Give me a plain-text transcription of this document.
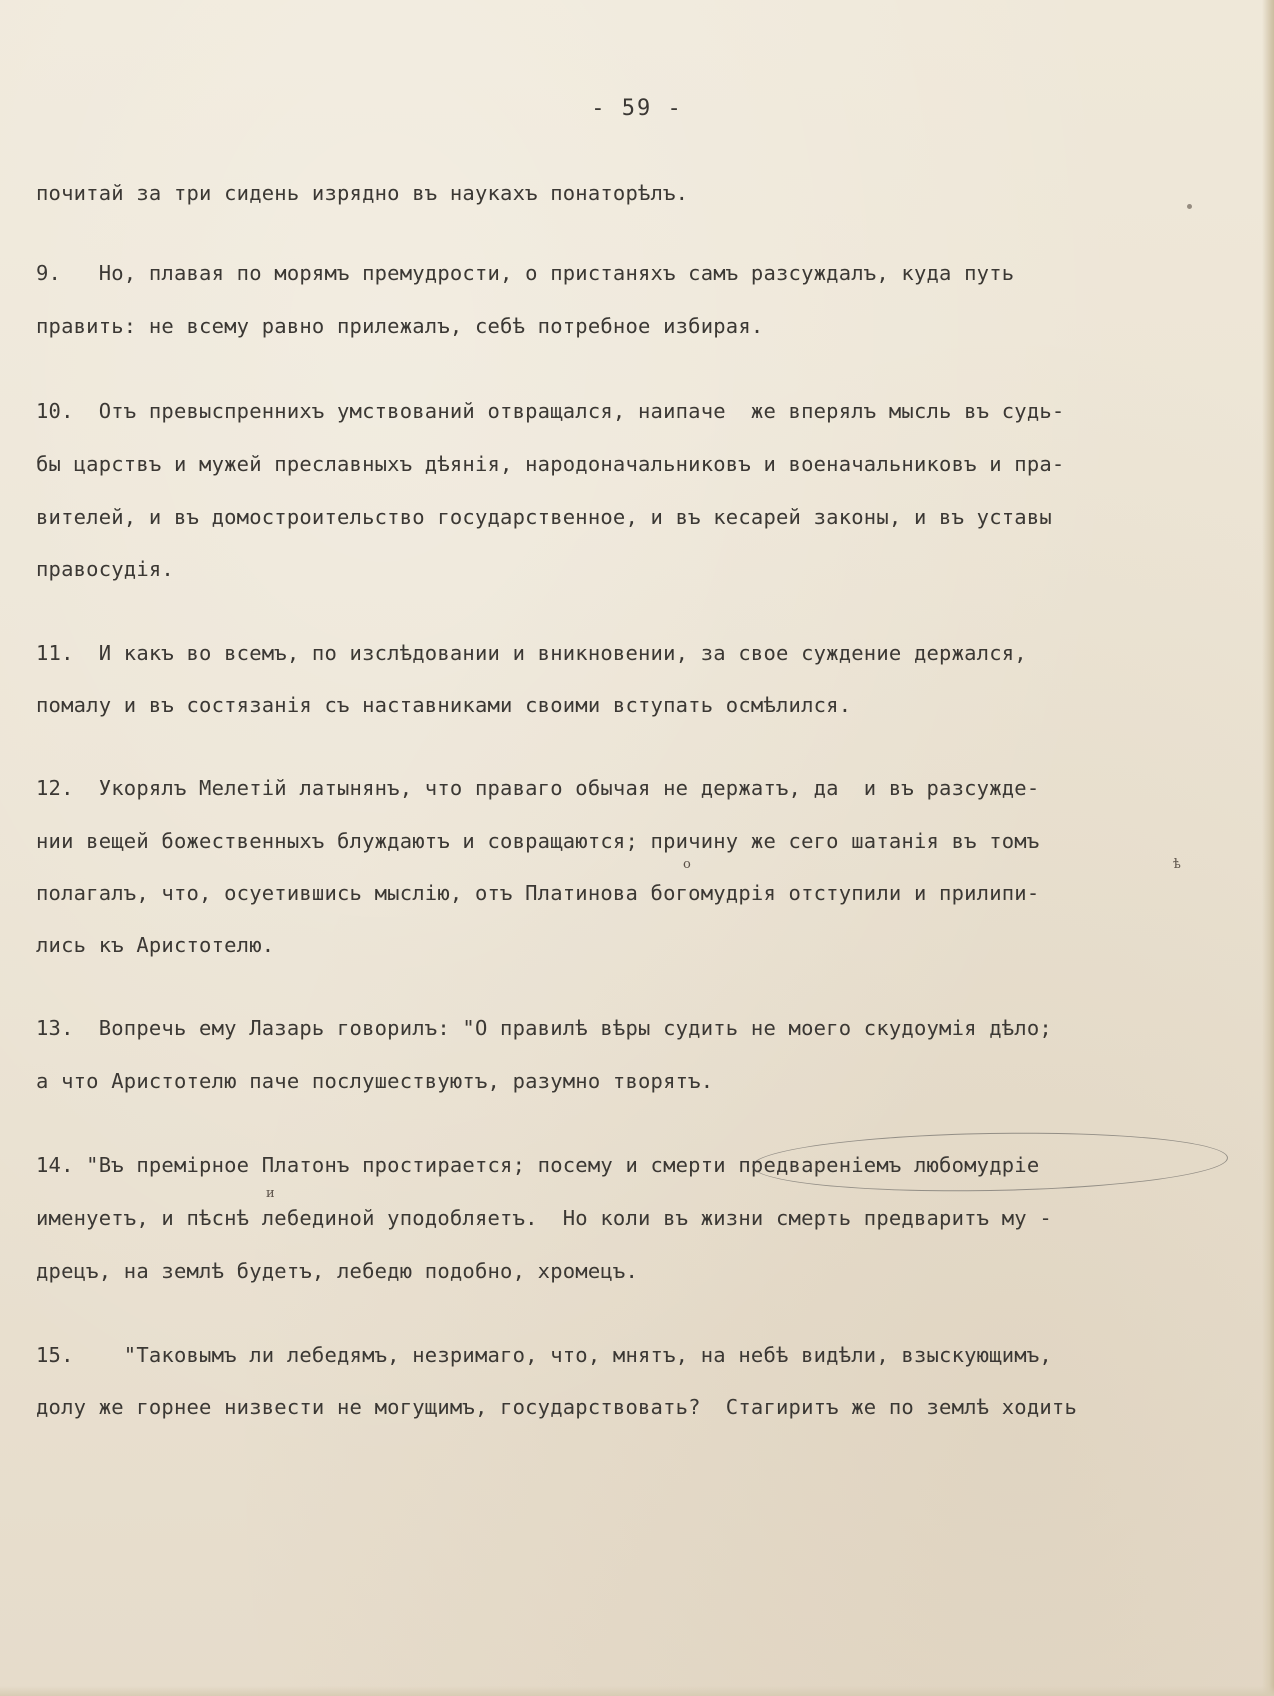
- 59 -
почитай за три сидень изрядно въ наукахъ понаторѣлъ.
9.   Но, плавая по морямъ премудрости, о пристаняхъ самъ разсуждалъ, куда путь
править: не всему равно прилежалъ, себѣ потребное избирая.
10.  Отъ превыспреннихъ умствований отвращался, наипаче  же вперялъ мысль въ судь-
бы царствъ и мужей преславныхъ дѣянія, народоначальниковъ и военачальниковъ и пра-
вителей, и въ домостроительство государственное, и въ кесарей законы, и въ уставы
правосудія.
11.  И какъ во всемъ, по изслѣдовании и вникновении, за свое суждение держался,
помалу и въ состязанія съ наставниками своими вступать осмѣлился.
12.  Укорялъ Мелетій латынянъ, что праваго обычая не держатъ, да  и въ разсужде-
нии вещей божественныхъ блуждаютъ и совращаются; причину же сего шатанія въ томъ
полагалъ, что, осуетившись мыслію, отъ Платинова богомудрія отступили и прилипи-
лись къ Аристотелю.
13.  Вопречь ему Лазарь говорилъ: "О правилѣ вѣры судить не моего скудоумія дѣло;
а что Аристотелю паче послушествуютъ, разумно творятъ.
14. "Въ премірное Платонъ простирается; посему и смерти предвареніемъ любомудріе
именуетъ, и пѣснѣ лебединой уподобляетъ.  Но коли въ жизни смерть предваритъ му -
дрецъ, на землѣ будетъ, лебедю подобно, хромецъ.
15.    "Таковымъ ли лебедямъ, незримаго, что, мнятъ, на небѣ видѣли, взыскующимъ,
долу же горнее низвести не могущимъ, государствовать?  Стагиритъ же по землѣ ходить
о
и
ѣ
